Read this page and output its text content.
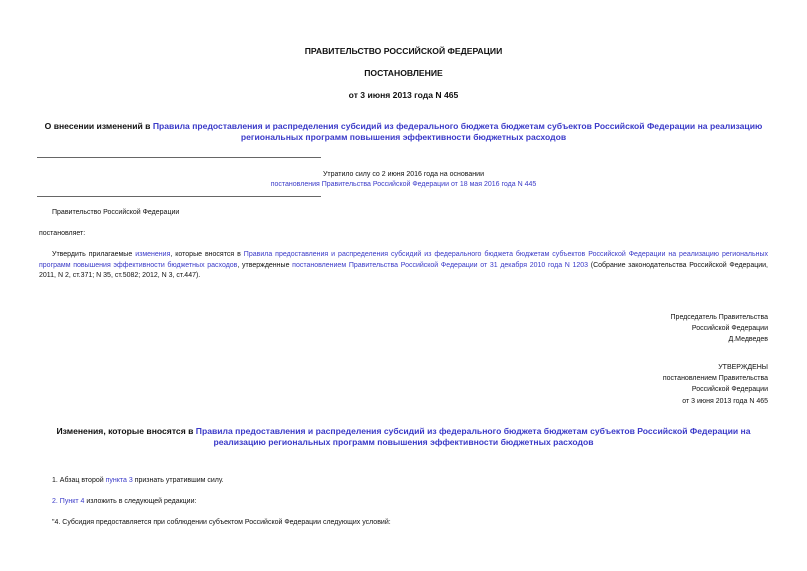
ПРАВИТЕЛЬСТВО РОССИЙСКОЙ ФЕДЕРАЦИИ
ПОСТАНОВЛЕНИЕ
от 3 июня 2013 года N 465
О внесении изменений в Правила предоставления и распределения субсидий из федерального бюджета бюджетам субъектов Российской Федерации на реализацию региональных программ повышения эффективности бюджетных расходов
Утратило силу со 2 июня 2016 года на основании
постановления Правительства Российской Федерации от 18 мая 2016 года N 445
Правительство Российской Федерации
постановляет:
Утвердить прилагаемые изменения, которые вносятся в Правила предоставления и распределения субсидий из федерального бюджета бюджетам субъектов Российской Федерации на реализацию региональных программ повышения эффективности бюджетных расходов, утвержденные постановлением Правительства Российской Федерации от 31 декабря 2010 года N 1203 (Собрание законодательства Российской Федерации, 2011, N 2, ст.371; N 35, ст.5082; 2012, N 3, ст.447).
Председатель Правительства
Российской Федерации
Д.Медведев
УТВЕРЖДЕНЫ
постановлением Правительства
Российской Федерации
от 3 июня 2013 года N 465
Изменения, которые вносятся в Правила предоставления и распределения субсидий из федерального бюджета бюджетам субъектов Российской Федерации на реализацию региональных программ повышения эффективности бюджетных расходов
1. Абзац второй пункта 3 признать утратившим силу.
2. Пункт 4 изложить в следующей редакции:
"4. Субсидия предоставляется при соблюдении субъектом Российской Федерации следующих условий:
